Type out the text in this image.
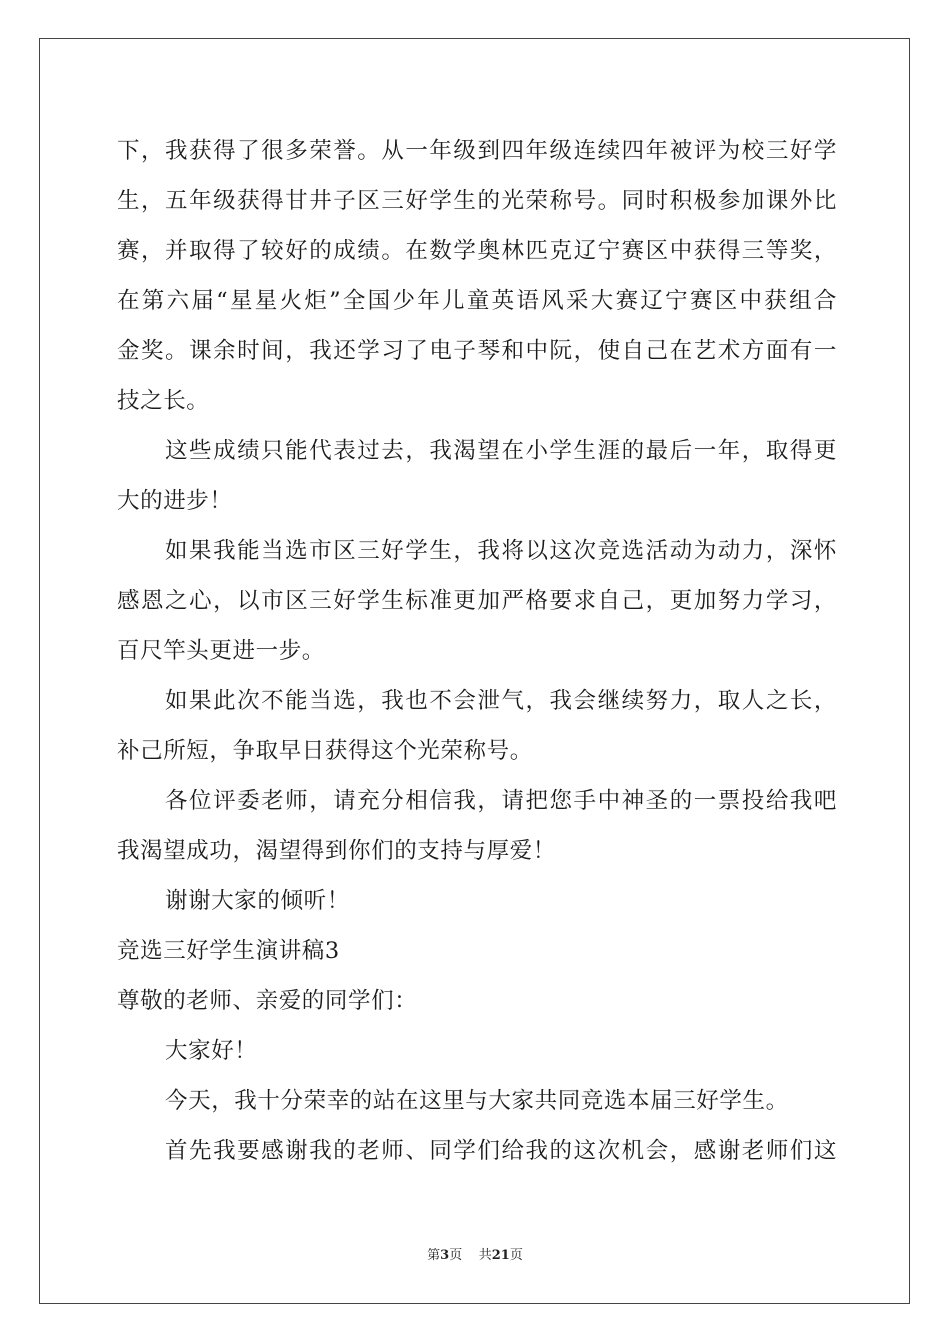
下，我获得了很多荣誉。从一年级到四年级连续四年被评为校三好学
生，五年级获得甘井子区三好学生的光荣称号。同时积极参加课外比
赛，并取得了较好的成绩。在数学奥林匹克辽宁赛区中获得三等奖，
在第六届“星星火炬”全国少年儿童英语风采大赛辽宁赛区中获组合
金奖。课余时间，我还学习了电子琴和中阮，使自己在艺术方面有一
技之长。
这些成绩只能代表过去，我渴望在小学生涯的最后一年，取得更
大的进步！
如果我能当选市区三好学生，我将以这次竞选活动为动力，深怀
感恩之心，以市区三好学生标准更加严格要求自己，更加努力学习，
百尺竿头更进一步。
如果此次不能当选，我也不会泄气，我会继续努力，取人之长，
补己所短，争取早日获得这个光荣称号。
各位评委老师，请充分相信我，请把您手中神圣的一票投给我吧
我渴望成功，渴望得到你们的支持与厚爱！
谢谢大家的倾听！
竞选三好学生演讲稿3
尊敬的老师、亲爱的同学们：
大家好！
今天，我十分荣幸的站在这里与大家共同竞选本届三好学生。
首先我要感谢我的老师、同学们给我的这次机会，感谢老师们这
第3页 共21页
